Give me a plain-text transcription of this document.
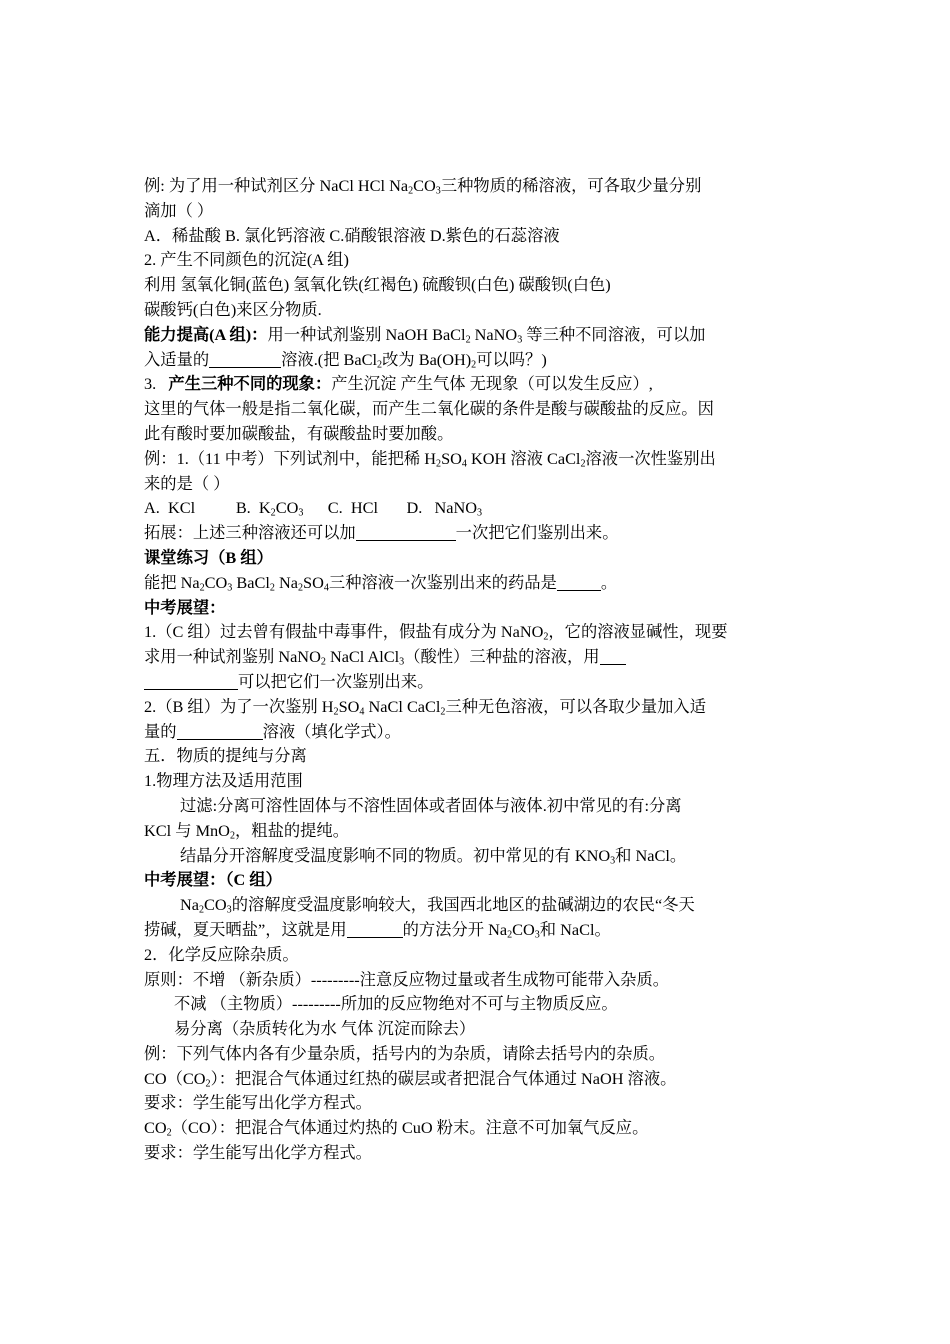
例: 为了用一种试剂区分 NaCl HCl $Na_2CO_3$三种物质的稀溶液，可各取少量分别
滴加（ ）
A．稀盐酸 B. 氯化钙溶液 C.硝酸银溶液 D.紫色的石蕊溶液
2. 产生不同颜色的沉淀(A 组)
利用 氢氧化铜(蓝色) 氢氧化铁(红褐色) 硫酸钡(白色) 碳酸钡(白色)
碳酸钙(白色)来区分物质.
能力提高(A 组)：用一种试剂鉴别 NaOH BaCl$_2$ NaNO$_3$ 等三种不同溶液，可以加
入适量的	溶液.(把 BaCl$_2$改为 $Ba(OH)_2$可以吗？)
3.   产生三种不同的现象：产生沉淀 产生气体 无现象（可以发生反应）,
这里的气体一般是指二氧化碳，而产生二氧化碳的条件是酸与碳酸盐的反应。因
此有酸时要加碳酸盐，有碳酸盐时要加酸。
例：1.（11 中考）下列试剂中，能把稀 $H_2SO_4$ KOH 溶液 CaCl$_2$溶液一次性鉴别出
来的是（ ）
A.  KCl          B.  $K_2CO_3$      C.  HCl       D.   NaNO$_3$
拓展：上述三种溶液还可以加	一次把它们鉴别出来。
课堂练习（B 组）
能把 $Na_2CO_3$ BaCl$_2$ $Na_2SO_4$三种溶液一次鉴别出来的药品是	。
中考展望：
1.（C 组）过去曾有假盐中毒事件，假盐有成分为 NaNO$_2$，它的溶液显碱性，现要
求用一种试剂鉴别 NaNO$_2$ NaCl AlCl$_3$（酸性）三种盐的溶液，用
可以把它们一次鉴别出来。
2.（B 组）为了一次鉴别 $H_2SO_4$ NaCl CaCl$_2$三种无色溶液，可以各取少量加入适
量的	溶液（填化学式）。
五．物质的提纯与分离
1.物理方法及适用范围
过滤:分离可溶性固体与不溶性固体或者固体与液体.初中常见的有:分离
KCl 与 MnO$_2$，粗盐的提纯。
结晶分开溶解度受温度影响不同的物质。初中常见的有 $KNO_3$和 NaCl。
中考展望：（C 组）
$Na_2CO_3$的溶解度受温度影响较大，我国西北地区的盐碱湖边的农民“冬天
捞碱，夏天晒盐”，这就是用	的方法分开 $Na_2CO_3$和 NaCl。
2．化学反应除杂质。
原则：不增 （新杂质）---------注意反应物过量或者生成物可能带入杂质。
不减 （主物质）---------所加的反应物绝对不可与主物质反应。
易分离（杂质转化为水 气体 沉淀而除去）
例：下列气体内各有少量杂质，括号内的为杂质，请除去括号内的杂质。
$CO(CO_2)$：把混合气体通过红热的碳层或者把混合气体通过 NaOH 溶液。
要求：学生能写出化学方程式。
$CO_2(CO)$：把混合气体通过灼热的 CuO 粉末。注意不可加氧气反应。
要求：学生能写出化学方程式。
